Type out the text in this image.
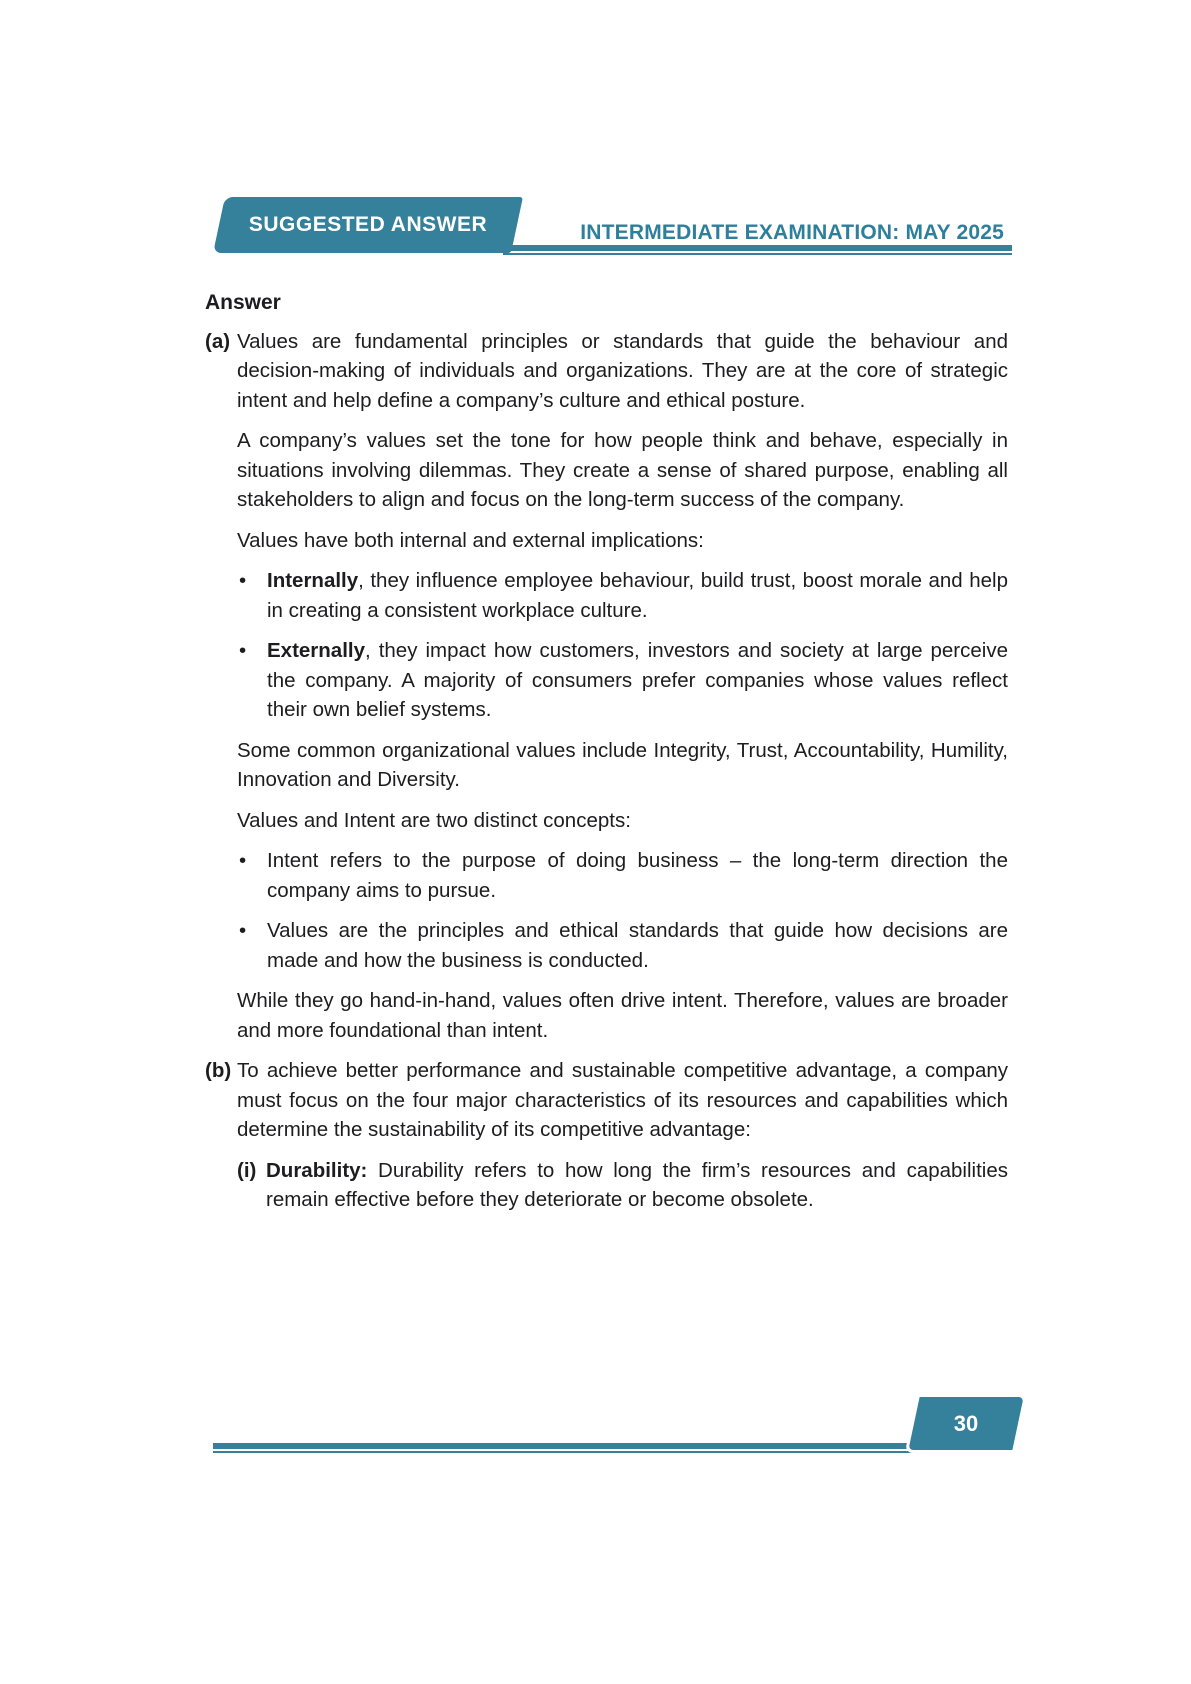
SUGGESTED ANSWER	INTERMEDIATE EXAMINATION: MAY 2025
Answer
(a) Values are fundamental principles or standards that guide the behaviour and decision-making of individuals and organizations. They are at the core of strategic intent and help define a company’s culture and ethical posture.

A company’s values set the tone for how people think and behave, especially in situations involving dilemmas. They create a sense of shared purpose, enabling all stakeholders to align and focus on the long-term success of the company.

Values have both internal and external implications:

•	Internally, they influence employee behaviour, build trust, boost morale and help in creating a consistent workplace culture.

•	Externally, they impact how customers, investors and society at large perceive the company. A majority of consumers prefer companies whose values reflect their own belief systems.

Some common organizational values include Integrity, Trust, Accountability, Humility, Innovation and Diversity.

Values and Intent are two distinct concepts:

•	Intent refers to the purpose of doing business – the long-term direction the company aims to pursue.

•	Values are the principles and ethical standards that guide how decisions are made and how the business is conducted.

While they go hand-in-hand, values often drive intent. Therefore, values are broader and more foundational than intent.

(b) To achieve better performance and sustainable competitive advantage, a company must focus on the four major characteristics of its resources and capabilities which determine the sustainability of its competitive advantage:

(i) Durability: Durability refers to how long the firm’s resources and capabilities remain effective before they deteriorate or become obsolete.

30
